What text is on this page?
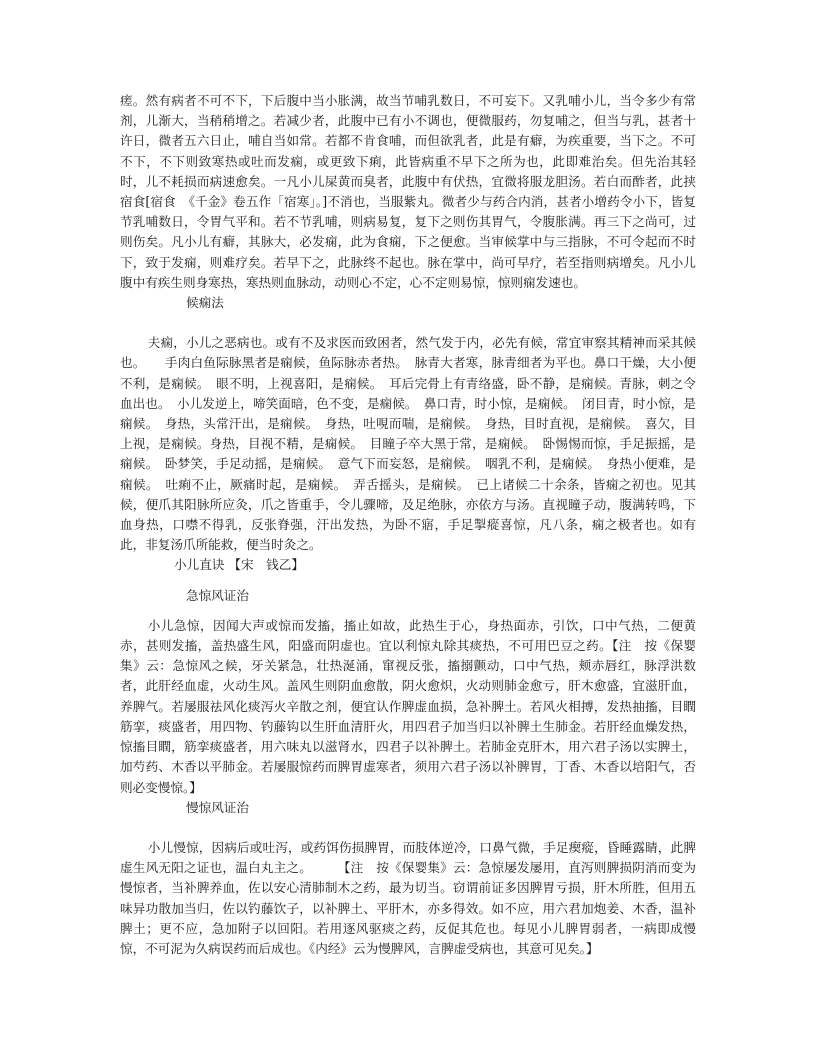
瘥。然有病者不可不下，下后腹中当小胀满，故当节哺乳数日，不可妄下。又乳哺小儿，当令多少有常剂，儿渐大，当稍稍增之。若减少者，此腹中已有小不调也，便微服药，勿复哺之，但当与乳，甚者十许日，微者五六日止，哺自当如常。若都不肯食哺，而但欲乳者，此是有癖，为疾重要，当下之。不可不下，不下则致寒热或吐而发痫，或更致下痢，此皆病重不早下之所为也，此即难治矣。但先治其轻时，儿不耗损而病速愈矣。一凡小儿屎黄而臭者，此腹中有伏热，宜微将服龙胆汤。若白而酢者，此挟宿食[宿食　《千金》卷五作「宿寒」。]不消也，当服紫丸。微者少与药合内消，甚者小增药令小下，皆复节乳哺数日，令胃气平和。若不节乳哺，则病易复，复下之则伤其胃气，令腹胀满。再三下之尚可，过则伤矣。凡小儿有癖，其脉大，必发痫，此为食痫，下之便愈。当审候掌中与三指脉，不可令起而不时下，致于发痫，则难疗矣。若早下之，此脉终不起也。脉在掌中，尚可早疗，若至指则病增矣。凡小儿腹中有疾生则身寒热，寒热则血脉动，动则心不定，心不定则易惊，惊则痫发速也。

候痫法

夫痫，小儿之恶病也。或有不及求医而致困者，然气发于内，必先有候，常宜审察其精神而采其候也。　　手肉白鱼际脉黑者是痫候，鱼际脉赤者热。　脉青大者寒，脉青细者为平也。鼻口干燥，大小便不利，是痫候。　眼不明，上视喜阳，是痫候。　耳后完骨上有青络盛，卧不静，是痫候。青脉，刺之令血出也。　小儿发逆上，啼笑面暗，色不变，是痫候。　鼻口青，时小惊，是痫候。　闭目青，时小惊，是痫候。　身热，头常汗出，是痫候。　身热，吐哯而喘，是痫候。　身热，目时直视，是痫候。　喜欠，目上视，是痫候。身热，目视不精，是痫候。　目瞳子卒大黑于常，是痫候。　卧惕惕而惊，手足振摇，是痫候。　卧梦笑，手足动摇，是痫候。　意气下而妄怒，是痫候。　咽乳不利，是痫候。　身热小便难，是痫候。　吐痢不止，厥痛时起，是痫候。　弄舌摇头，是痫候。　已上诸候二十余条，皆痫之初也。见其候，便爪其阳脉所应灸，爪之皆重手，令儿骤啼，及足绝脉，亦依方与汤。直视瞳子动，腹满转鸣，下血身热，口噤不得乳，反张脊强，汗出发热，为卧不寤，手足掣瘲喜惊，凡八条，痫之极者也。如有此，非复汤爪所能救，便当时灸之。

小儿直诀 【宋　钱乙】

急惊风证治

小儿急惊，因闻大声或惊而发搐，搐止如故，此热生于心，身热面赤，引饮，口中气热，二便黄赤，甚则发搐，盖热盛生风，阳盛而阴虚也。宜以利惊丸除其痰热，不可用巴豆之药。【注　按《保婴集》云：急惊风之候，牙关紧急，壮热涎涌，窜视反张，搐搦颤动，口中气热，颊赤唇红，脉浮洪数者，此肝经血虚，火动生风。盖风生则阴血愈散，阴火愈炽，火动则肺金愈亏，肝木愈盛，宜滋肝血，养脾气。若屡服祛风化痰泻火辛散之剂，便宜认作脾虚血损，急补脾土。若风火相搏，发热抽搐，目瞤筋挛，痰盛者，用四物、钓藤钩以生肝血清肝火，用四君子加当归以补脾土生肺金。若肝经血燥发热，惊搐目瞤，筋挛痰盛者，用六味丸以滋肾水，四君子以补脾土。若肺金克肝木，用六君子汤以实脾土，加芍药、木香以平肺金。若屡服惊药而脾胃虚寒者，须用六君子汤以补脾胃，丁香、木香以培阳气，否则必变慢惊。】

慢惊风证治

小儿慢惊，因病后或吐泻，或药饵伤损脾胃，而肢体逆冷，口鼻气微，手足瘈瘲，昏睡露睛，此脾虚生风无阳之证也，温白丸主之。　　　【注　按《保婴集》云：急惊屡发屡用，直泻则脾损阴消而变为慢惊者，当补脾养血，佐以安心清肺制木之药，最为切当。窃谓前证多因脾胃亏损，肝木所胜，但用五味异功散加当归，佐以钓藤饮子，以补脾土、平肝木，亦多得效。如不应，用六君加炮姜、木香，温补脾土；更不应，急加附子以回阳。若用逐风驱痰之药，反促其危也。每见小儿脾胃弱者，一病即成慢惊，不可泥为久病误药而后成也。《内经》云为慢脾风，言脾虚受病也，其意可见矣。】
